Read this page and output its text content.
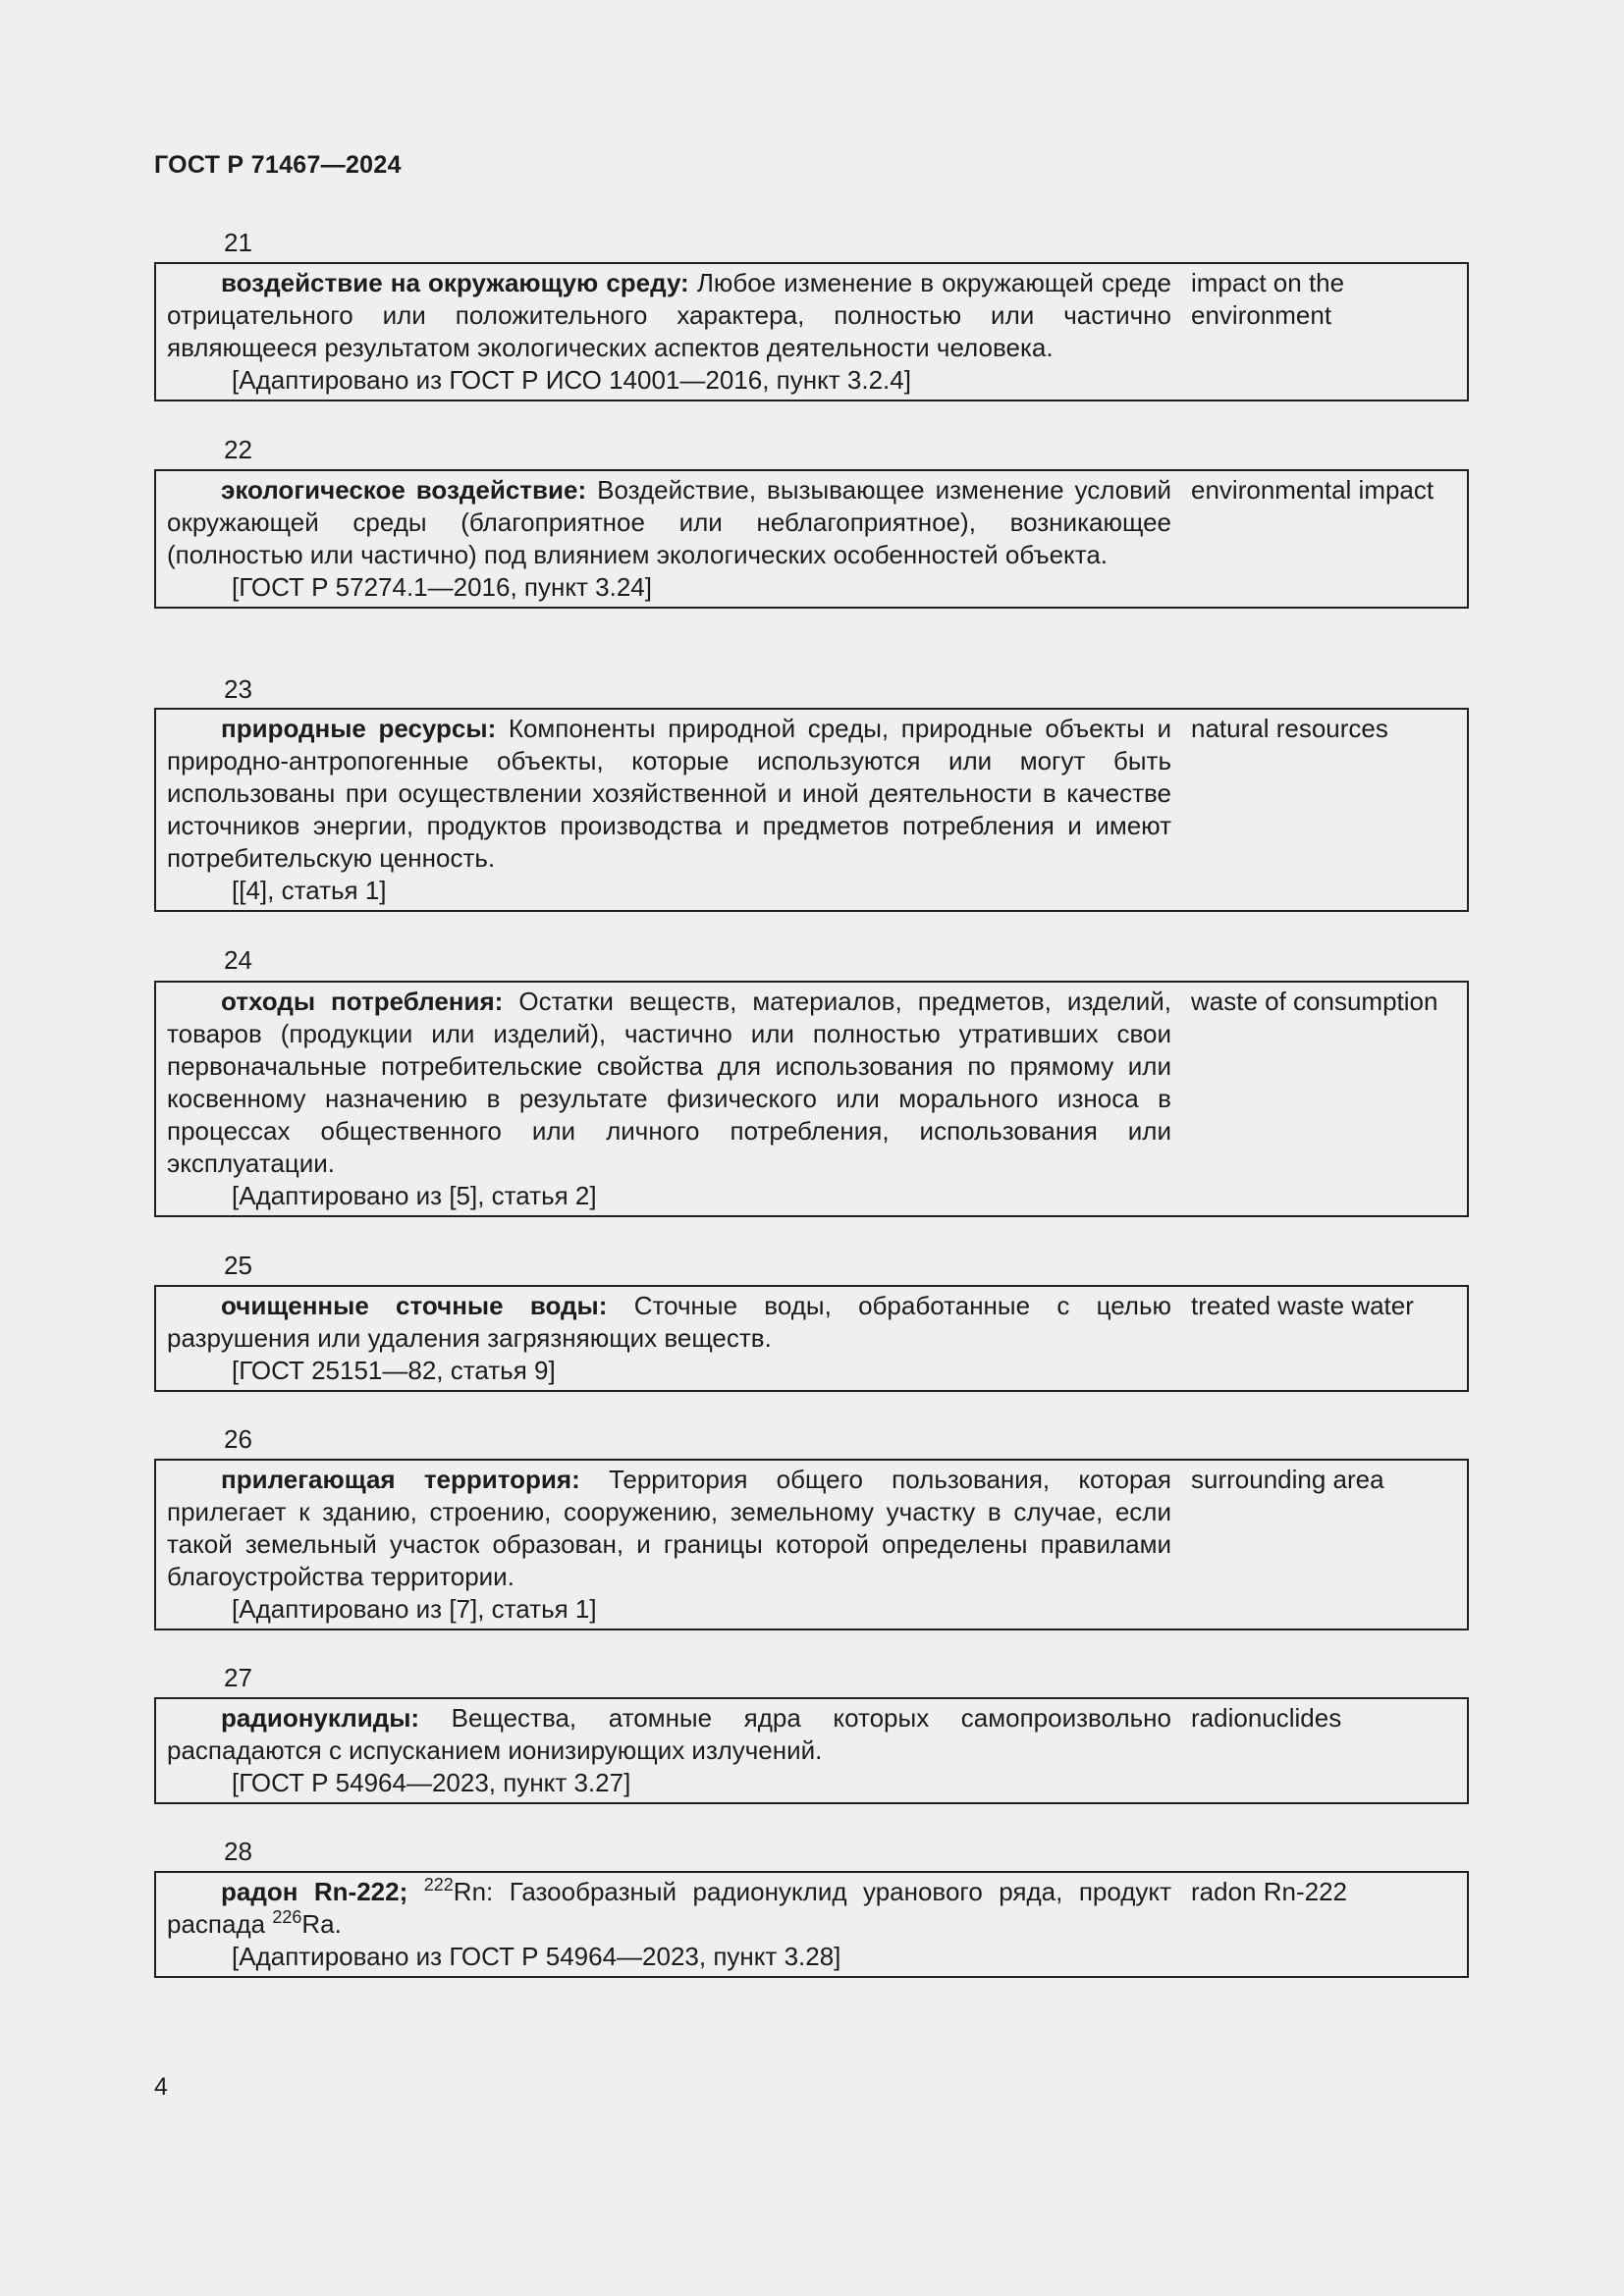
ГОСТ Р 71467—2024
21

воздействие на окружающую среду: Любое изменение в окружающей среде отрицательного или положительного характера, полностью или частично являющееся результатом экологических аспектов деятельности человека.

[Адаптировано из ГОСТ Р ИСО 14001—2016, пункт 3.2.4]

impact on the environment
22

экологическое воздействие: Воздействие, вызывающее изменение условий окружающей среды (благоприятное или неблагоприятное), возникающее (полностью или частично) под влиянием экологических особенностей объекта.

[ГОСТ Р 57274.1—2016, пункт 3.24]

environmental impact
23

природные ресурсы: Компоненты природной среды, природные объекты и природно-антропогенные объекты, которые используются или могут быть использованы при осуществлении хозяйственной и иной деятельности в качестве источников энергии, продуктов производства и предметов потребления и имеют потребительскую ценность.

[[4], статья 1]

natural resources
24

отходы потребления: Остатки веществ, материалов, предметов, изделий, товаров (продукции или изделий), частично или полностью утративших свои первоначальные потребительские свойства для использования по прямому или косвенному назначению в результате физического или морального износа в процессах общественного или личного потребления, использования или эксплуатации.

[Адаптировано из [5], статья 2]

waste of consumption
25

очищенные сточные воды: Сточные воды, обработанные с целью разрушения или удаления загрязняющих веществ.

[ГОСТ 25151—82, статья 9]

treated waste water
26

прилегающая территория: Территория общего пользования, которая прилегает к зданию, строению, сооружению, земельному участку в случае, если такой земельный участок образован, и границы которой определены правилами благоустройства территории.

[Адаптировано из [7], статья 1]

surrounding area
27

радионуклиды: Вещества, атомные ядра которых самопроизвольно распадаются с испусканием ионизирующих излучений.

[ГОСТ Р 54964—2023, пункт 3.27]

radionuclides
28

радон Rn-222; $^{222}$Rn: Газообразный радионуклид уранового ряда, продукт распада $^{226}$Ra.

[Адаптировано из ГОСТ Р 54964—2023, пункт 3.28]

radon Rn-222
4
